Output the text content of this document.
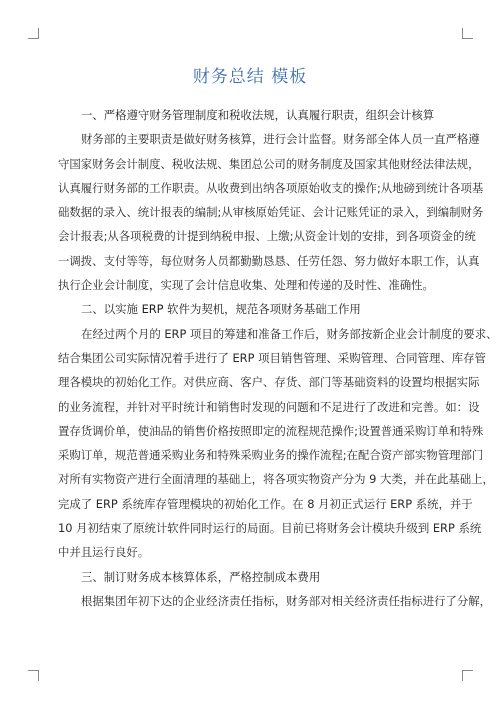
财务总结 模板
一、严格遵守财务管理制度和税收法规，认真履行职责，组织会计核算
财务部的主要职责是做好财务核算，进行会计监督。财务部全体人员一直严格遵
守国家财务会计制度、税收法规、集团总公司的财务制度及国家其他财经法律法规，
认真履行财务部的工作职责。从收费到出纳各项原始收支的操作;从地磅到统计各项基
础数据的录入、统计报表的编制;从审核原始凭证、会计记账凭证的录入，到编制财务
会计报表;从各项税费的计提到纳税申报、上缴;从资金计划的安排，到各项资金的统
一调拨、支付等等，每位财务人员都勤勤恳恳、任劳任怨、努力做好本职工作，认真
执行企业会计制度，实现了会计信息收集、处理和传递的及时性、准确性。
二、以实施 ERP 软件为契机，规范各项财务基础工作用
在经过两个月的 ERP 项目的筹建和准备工作后，财务部按新企业会计制度的要求、
结合集团公司实际情况着手进行了 ERP 项目销售管理、采购管理、合同管理、库存管
理各模块的初始化工作。对供应商、客户、存货、部门等基础资料的设置均根据实际
的业务流程，并针对平时统计和销售时发现的问题和不足进行了改进和完善。如：设
置存货调价单，使油品的销售价格按照即定的流程规范操作;设置普通采购订单和特殊
采购订单，规范普通采购业务和特殊采购业务的操作流程;在配合资产部实物管理部门
对所有实物资产进行全面清理的基础上，将各项实物资产分为 9 大类，并在此基础上，
完成了 ERP 系统库存管理模块的初始化工作。在 8 月初正式运行 ERP 系统，并于
10 月初结束了原统计软件同时运行的局面。目前已将财务会计模块升级到 ERP 系统
中并且运行良好。
三、制订财务成本核算体系，严格控制成本费用
根据集团年初下达的企业经济责任指标，财务部对相关经济责任指标进行了分解，
